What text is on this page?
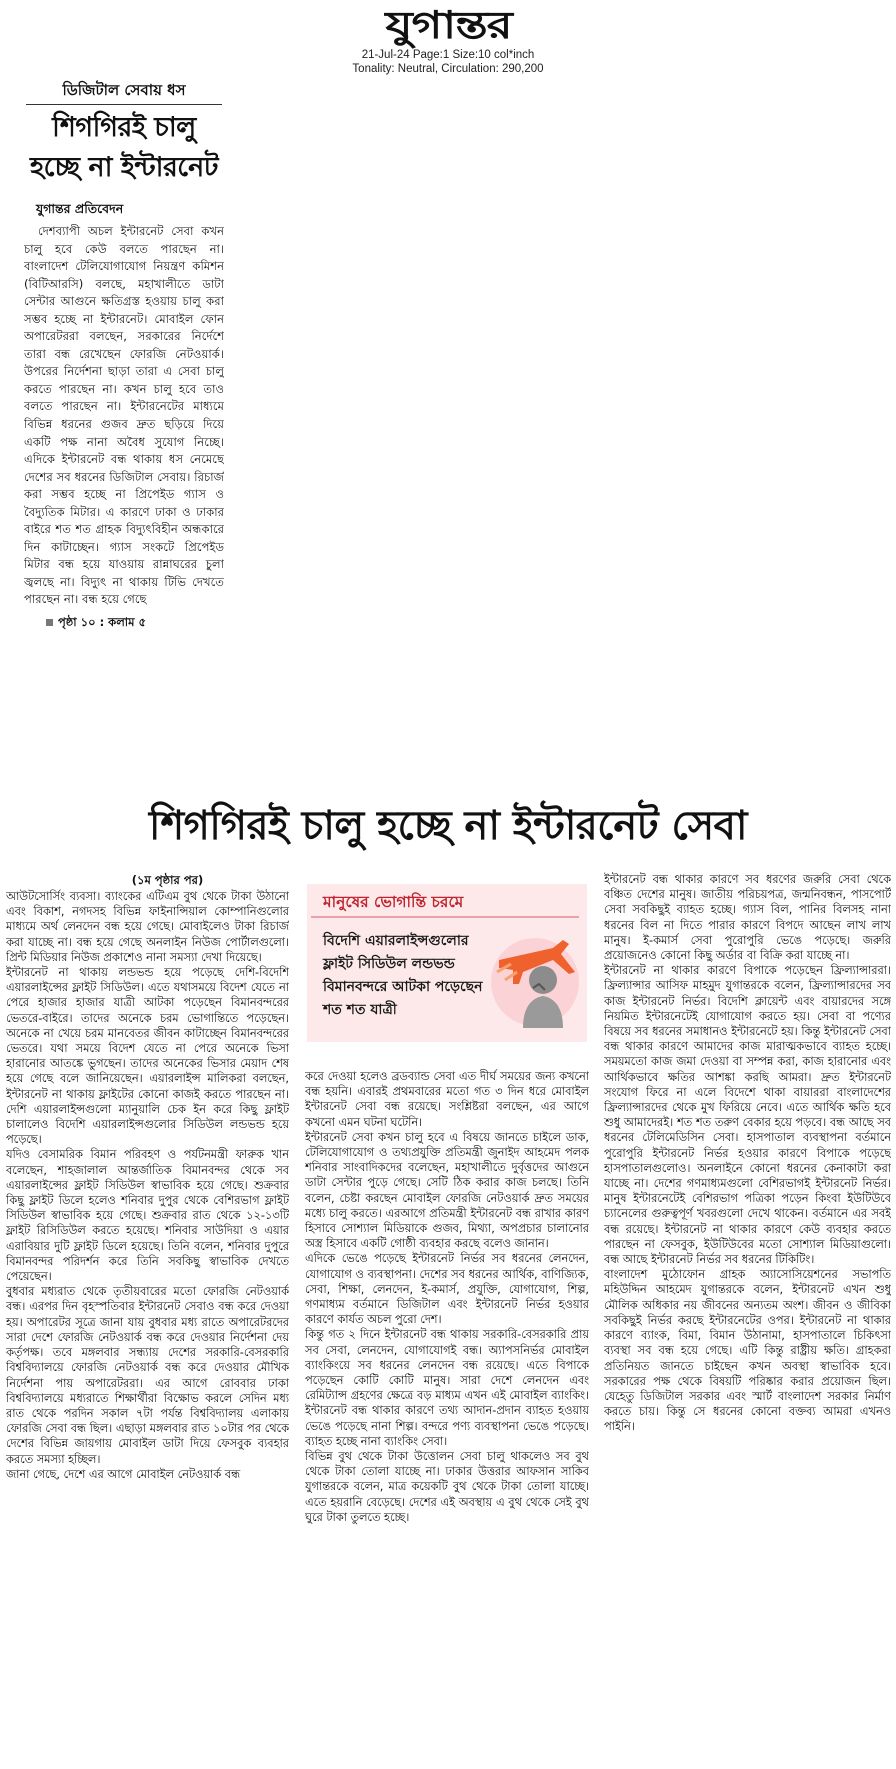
যুগান্তর
21-Jul-24 Page:1 Size:10 col*inch
Tonality: Neutral, Circulation: 290,200
ডিজিটাল সেবায় ধস
শিগগিরই চালু হচ্ছে না ইন্টারনেট
যুগান্তর প্রতিবেদন

দেশব্যাপী অচল ইন্টারনেট সেবা কখন চালু হবে কেউ বলতে পারছেন না। বাংলাদেশ টেলিযোগাযোগ নিয়ন্ত্রণ কমিশন (বিটিআরসি) বলছে, মহাখালীতে ডাটা সেন্টার আগুনে ক্ষতিগ্রস্ত হওয়ায় চালু করা সম্ভব হচ্ছে না ইন্টারনেট। মোবাইল ফোন অপারেটররা বলছেন, সরকারের নির্দেশে তারা বন্ধ রেখেছেন ফোরজি নেটওয়ার্ক। উপরের নির্দেশনা ছাড়া তারা এ সেবা চালু করতে পারছেন না। কখন চালু হবে তাও বলতে পারছেন না। ইন্টারনেটের মাধ্যমে বিভিন্ন ধরনের গুজব দ্রুত ছড়িয়ে দিয়ে একটি পক্ষ নানা অবৈধ সুযোগ নিচ্ছে। এদিকে ইন্টারনেট বন্ধ থাকায় ধস নেমেছে দেশের সব ধরনের ডিজিটাল সেবায়। রিচার্জ করা সম্ভব হচ্ছে না প্রিপেইড গ্যাস ও বৈদ্যুতিক মিটার। এ কারণে ঢাকা ও ঢাকার বাইরে শত শত গ্রাহক বিদ্যুৎবিহীন অন্ধকারে দিন কাটাচ্ছেন। গ্যাস সংকটে প্রিপেইড মিটার বন্ধ হয়ে যাওয়ায় রান্নাঘরের চুলা জ্বলছে না। বিদ্যুৎ না থাকায় টিভি দেখতে পারছেন না। বন্ধ হয়ে গেছে

পৃষ্ঠা ১০ : কলাম ৫
শিগগিরই চালু হচ্ছে না ইন্টারনেট সেবা
(১ম পৃষ্ঠার পর)

আউটসোর্সিং ব্যবসা। ব্যাংকের এটিএম বুথ থেকে টাকা উঠানো এবং বিকাশ, নগদসহ বিভিন্ন ফাইনান্সিয়াল কোম্পানিগুলোর মাধ্যমে অর্থ লেনদেন বন্ধ হয়ে গেছে। মোবাইলেও টাকা রিচার্জ করা যাচ্ছে না। বন্ধ হয়ে গেছে অনলাইন নিউজ পোর্টালগুলো। প্রিন্ট মিডিয়ার নিউজ প্রকাশেও নানা সমস্যা দেখা দিয়েছে।

ইন্টারনেট না থাকায় লন্ডভন্ড হয়ে পড়েছে দেশি-বিদেশি এয়ারলাইন্সের ফ্লাইট সিডিউল। এতে যথাসময়ে বিদেশ যেতে না পেরে হাজার হাজার যাত্রী আটকা পড়েছেন বিমানবন্দরের ভেতরে-বাইরে। তাদের অনেকে চরম ভোগান্তিতে পড়েছেন। অনেকে না খেয়ে চরম মানবেতর জীবন কাটাচ্ছেন বিমানবন্দরের ভেতরে। যথা সময়ে বিদেশ যেতে না পেরে অনেকে ভিসা হারানোর আতঙ্কে ভুগছেন। তাদের অনেকের ভিসার মেয়াদ শেষ হয়ে গেছে বলে জানিয়েছেন। এয়ারলাইন্স মালিকরা বলছেন, ইন্টারনেট না থাকায় ফ্লাইটের কোনো কাজই করতে পারছেন না। দেশি এয়ারলাইন্সগুলো ম্যানুয়ালি চেক ইন করে কিছু ফ্লাইট চালালেও বিদেশি এয়ারলাইন্সগুলোর সিডিউল লন্ডভন্ড হয়ে পড়েছে।

যদিও বেসামরিক বিমান পরিবহণ ও পর্যটনমন্ত্রী ফারুক খান বলেছেন, শাহজালাল আন্তর্জাতিক বিমানবন্দর থেকে সব এয়ারলাইন্সের ফ্লাইট সিডিউল স্বাভাবিক হয়ে গেছে। শুক্রবার কিছু ফ্লাইট ডিলে হলেও শনিবার দুপুর থেকে বেশিরভাগ ফ্লাইট সিডিউল স্বাভাবিক হয়ে গেছে। শুক্রবার রাত থেকে ১২-১৩টি ফ্লাইট রিসিডিউল করতে হয়েছে। শনিবার সাউদিয়া ও এয়ার এরাবিয়ার দুটি ফ্লাইট ডিলে হয়েছে। তিনি বলেন, শনিবার দুপুরে বিমানবন্দর পরিদর্শন করে তিনি সবকিছু স্বাভাবিক দেখতে পেয়েছেন।

বুধবার মধ্যরাত থেকে তৃতীয়বারের মতো ফোরজি নেটওয়ার্ক বন্ধ। এরপর দিন বৃহস্পতিবার ইন্টারনেট সেবাও বন্ধ করে দেওয়া হয়। অপারেটর সূত্রে জানা যায় বুধবার মধ্য রাতে অপারেটরদের সারা দেশে ফোরজি নেটওয়ার্ক বন্ধ করে দেওয়ার নির্দেশনা দেয় কর্তৃপক্ষ। তবে মঙ্গলবার সন্ধ্যায় দেশের সরকারি-বেসরকারি বিশ্ববিদ্যালয়ে ফোরজি নেটওয়ার্ক বন্ধ করে দেওয়ার মৌখিক নির্দেশনা পায় অপারেটররা। এর আগে রোববার ঢাকা বিশ্ববিদ্যালয়ে মধ্যরাতে শিক্ষার্থীরা বিক্ষোভ করলে সেদিন মধ্য রাত থেকে পরদিন সকাল ৭টা পর্যন্ত বিশ্ববিদ্যালয় এলাকায় ফোরজি সেবা বন্ধ ছিল। এছাড়া মঙ্গলবার রাত ১০টার পর থেকে দেশের বিভিন্ন জায়গায় মোবাইল ডাটা দিয়ে ফেসবুক ব্যবহার করতে সমস্যা হচ্ছিল।

জানা গেছে, দেশে এর আগে মোবাইল নেটওয়ার্ক বন্ধ

মানুষের ভোগান্তি চরমে
বিদেশি এয়ারলাইন্সগুলোর ফ্লাইট সিডিউল লন্ডভন্ড বিমানবন্দরে আটকা পড়েছেন শত শত যাত্রী

করে দেওয়া হলেও ব্রডব্যান্ড সেবা এত দীর্ঘ সময়ের জন্য কখনো বন্ধ হয়নি। এবারই প্রথমবারের মতো গত ৩ দিন ধরে মোবাইল ইন্টারনেট সেবা বন্ধ রয়েছে। সংশ্লিষ্টরা বলছেন, এর আগে কখনো এমন ঘটনা ঘটেনি।

ইন্টারনেট সেবা কখন চালু হবে এ বিষয়ে জানতে চাইলে ডাক, টেলিযোগাযোগ ও তথ্যপ্রযুক্তি প্রতিমন্ত্রী জুনাইদ আহমেদ পলক শনিবার সাংবাদিকদের বলেছেন, মহাখালীতে দুর্বৃত্তদের আগুনে ডাটা সেন্টার পুড়ে গেছে। সেটি ঠিক করার কাজ চলছে। তিনি বলেন, চেষ্টা করছেন মোবাইল ফোরজি নেটওয়ার্ক দ্রুত সময়ের মধ্যে চালু করতে। এরআগে প্রতিমন্ত্রী ইন্টারনেট বন্ধ রাখার কারণ হিসাবে সোশ্যাল মিডিয়াকে গুজব, মিথ্যা, অপপ্রচার চালানোর অস্ত্র হিসাবে একটি গোষ্ঠী ব্যবহার করছে বলেও জানান।

এদিকে ভেঙে পড়েছে ইন্টারনেট নির্ভর সব ধরনের লেনদেন, যোগাযোগ ও ব্যবস্থাপনা। দেশের সব ধরনের আর্থিক, বাণিজ্যিক, সেবা, শিক্ষা, লেনদেন, ই-কমার্স, প্রযুক্তি, যোগাযোগ, শিল্প, গণমাধ্যম বর্তমানে ডিজিটাল এবং ইন্টারনেট নির্ভর হওয়ার কারণে কার্যত অচল পুরো দেশ।

কিন্তু গত ২ দিনে ইন্টারনেট বন্ধ থাকায় সরকারি-বেসরকারি প্রায় সব সেবা, লেনদেন, যোগাযোগই বন্ধ। অ্যাপসনির্ভর মোবাইল ব্যাংকিংয়ে সব ধরনের লেনদেন বন্ধ রয়েছে। এতে বিপাকে পড়েছেন কোটি কোটি মানুষ। সারা দেশে লেনদেন এবং রেমিট্যান্স গ্রহণের ক্ষেত্রে বড় মাধ্যম এখন এই মোবাইল ব্যাংকিং। ইন্টারনেট বন্ধ থাকার কারণে তথ্য আদান-প্রদান ব্যাহত হওয়ায় ভেঙে পড়েছে নানা শিল্প। বন্দরে পণ্য ব্যবস্থাপনা ভেঙে পড়েছে। ব্যাহত হচ্ছে নানা ব্যাংকিং সেবা।

বিভিন্ন বুথ থেকে টাকা উত্তোলন সেবা চালু থাকলেও সব বুথ থেকে টাকা তোলা যাচ্ছে না। ঢাকার উত্তরার আফসান সাকিব যুগান্তরকে বলেন, মাত্র কয়েকটি বুথ থেকে টাকা তোলা যাচ্ছে। এতে হয়রানি বেড়েছে। দেশের এই অবস্থায় এ বুথ থেকে সেই বুথ ঘুরে টাকা তুলতে হচ্ছে।

ইন্টারনেট বন্ধ থাকার কারণে সব ধরণের জরুরি সেবা থেকে বঞ্চিত দেশের মানুষ। জাতীয় পরিচয়পত্র, জন্মনিবন্ধন, পাসপোর্ট সেবা সবকিছুই ব্যাহত হচ্ছে। গ্যাস বিল, পানির বিলসহ নানা ধরনের বিল না দিতে পারার কারণে বিপদে আছেন লাখ লাখ মানুষ। ই-কমার্স সেবা পুরোপুরি ভেঙে পড়েছে। জরুরি প্রয়োজনেও কোনো কিছু অর্ডার বা বিক্রি করা যাচ্ছে না।

ইন্টারনেট না থাকার কারণে বিপাকে পড়েছেন ফ্রিল্যান্সাররা। ফ্রিল্যান্সার আসিফ মাহমুদ যুগান্তরকে বলেন, ফ্রিল্যান্সারদের সব কাজ ইন্টারনেট নির্ভর। বিদেশি ক্লায়েন্ট এবং বায়ারদের সঙ্গে নিয়মিত ইন্টারনেটেই যোগাযোগ করতে হয়। সেবা বা পণ্যের বিষয়ে সব ধরনের সমাধানও ইন্টারনেটে হয়। কিন্তু ইন্টারনেট সেবা বন্ধ থাকার কারণে আমাদের কাজ মারাত্মকভাবে ব্যাহত হচ্ছে। সময়মতো কাজ জমা দেওয়া বা সম্পন্ন করা, কাজ হারানোর এবং আর্থিকভাবে ক্ষতির আশঙ্কা করছি আমরা। দ্রুত ইন্টারনেট সংযোগ ফিরে না এলে বিদেশে থাকা বায়াররা বাংলাদেশের ফ্রিল্যান্সারদের থেকে মুখ ফিরিয়ে নেবে। এতে আর্থিক ক্ষতি হবে শুধু আমাদেরই। শত শত তরুণ বেকার হয়ে পড়বে। বন্ধ আছে সব ধরনের টেলিমেডিসিন সেবা। হাসপাতাল ব্যবস্থাপনা বর্তমানে পুরোপুরি ইন্টারনেট নির্ভর হওয়ার কারণে বিপাকে পড়েছে হাসপাতালগুলোও। অনলাইনে কোনো ধরনের কেনাকাটা করা যাচ্ছে না। দেশের গণমাধ্যমগুলো বেশিরভাগই ইন্টারনেট নির্ভর। মানুষ ইন্টারনেটেই বেশিরভাগ পত্রিকা পড়েন কিংবা ইউটিউবে চ্যানেলের গুরুত্বপূর্ণ খবরগুলো দেখে থাকেন। বর্তমানে এর সবই বন্ধ রয়েছে। ইন্টারনেট না থাকার কারণে কেউ ব্যবহার করতে পারছেন না ফেসবুক, ইউটিউবের মতো সোশ্যাল মিডিয়াগুলো। বন্ধ আছে ইন্টারনেট নির্ভর সব ধরনের টিকিটিং।

বাংলাদেশ মুঠোফোন গ্রাহক অ্যাসোসিয়েশনের সভাপতি মহিউদ্দিন আহমেদ যুগান্তরকে বলেন, ইন্টারনেট এখন শুধু মৌলিক অধিকার নয় জীবনের অন্যতম অংশ। জীবন ও জীবিকা সবকিছুই নির্ভর করছে ইন্টারনেটের ওপর। ইন্টারনেট না থাকার কারণে ব্যাংক, বিমা, বিমান উঠানামা, হাসপাতালে চিকিৎসা ব্যবস্থা সব বন্ধ হয়ে গেছে। এটি কিন্তু রাষ্ট্রীয় ক্ষতি। গ্রাহকরা প্রতিনিয়ত জানতে চাইছেন কখন অবস্থা স্বাভাবিক হবে। সরকারের পক্ষ থেকে বিষয়টি পরিষ্কার করার প্রয়োজন ছিল। যেহেতু ডিজিটাল সরকার এবং স্মার্ট বাংলাদেশ সরকার নির্মাণ করতে চায়। কিন্তু সে ধরনের কোনো বক্তব্য আমরা এখনও পাইনি।
